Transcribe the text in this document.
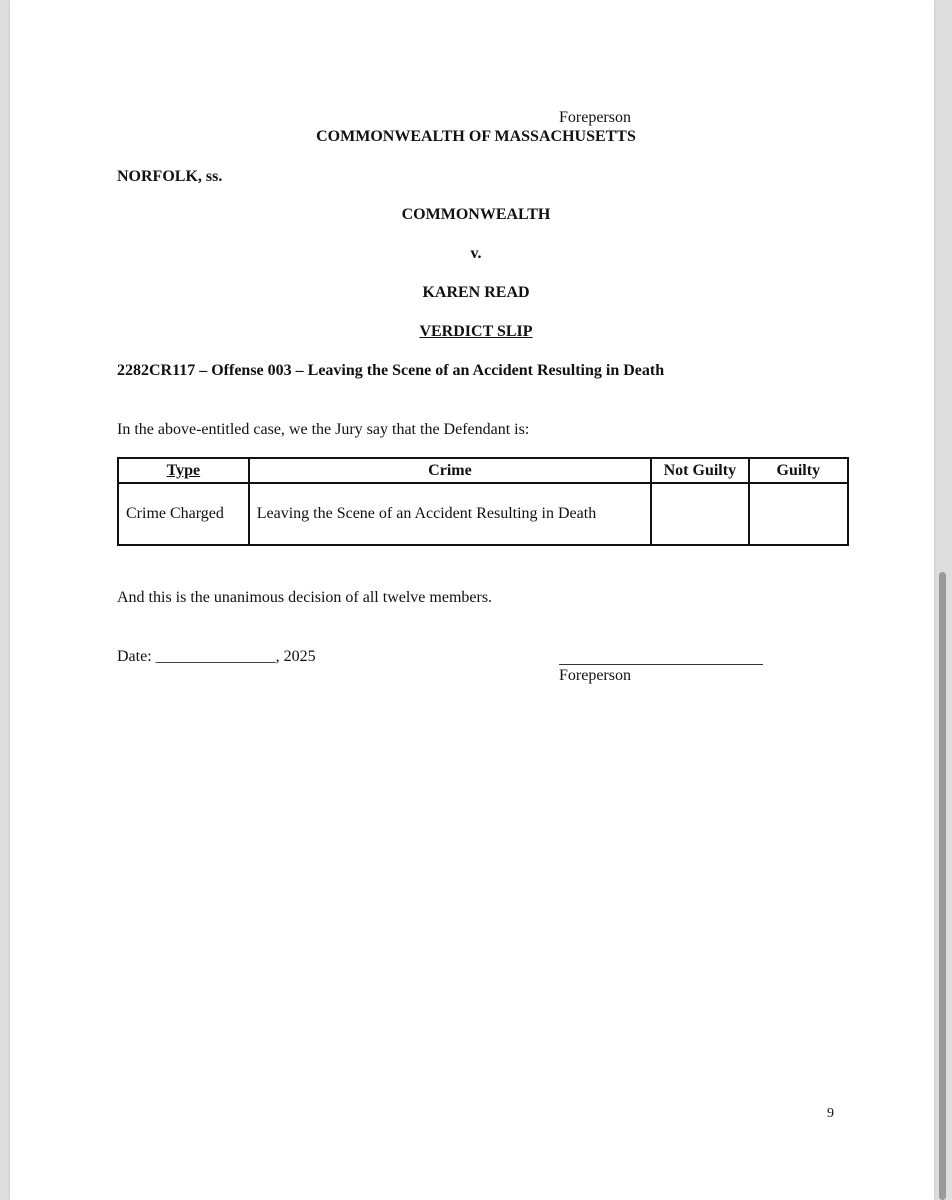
Foreperson
COMMONWEALTH OF MASSACHUSETTS
NORFOLK, ss.
COMMONWEALTH
v.
KAREN READ
VERDICT SLIP
2282CR117 – Offense 003 – Leaving the Scene of an Accident Resulting in Death
In the above-entitled case, we the Jury say that the Defendant is:
Type	Crime	Not Guilty	Guilty
Crime Charged	Leaving the Scene of an Accident Resulting in Death		
And this is the unanimous decision of all twelve members.
Date: _______________, 2025
Foreperson
9
